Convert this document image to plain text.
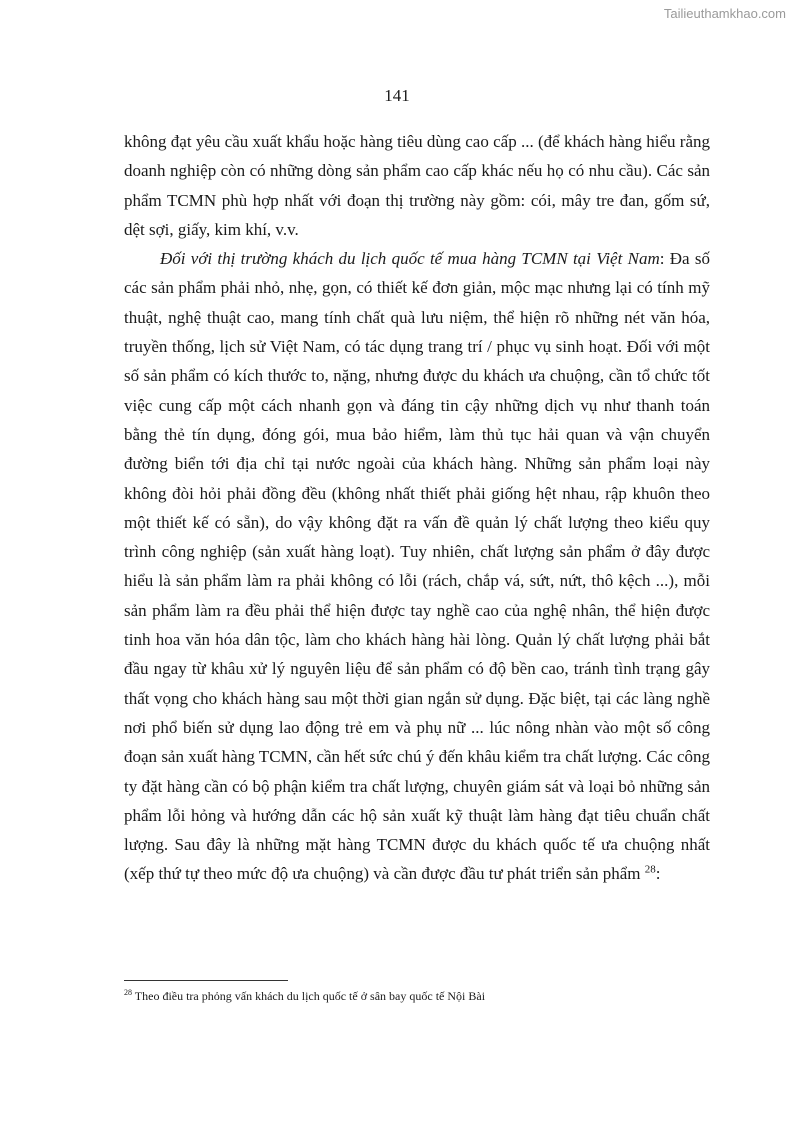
Tailieuthamkhao.com
141

không đạt yêu cầu xuất khẩu hoặc hàng tiêu dùng cao cấp ... (để khách hàng hiểu rằng doanh nghiệp còn có những dòng sản phẩm cao cấp khác nếu họ có nhu cầu). Các sản phẩm TCMN phù hợp nhất với đoạn thị trường này gồm: cói, mây tre đan, gốm sứ, dệt sợi, giấy, kim khí, v.v.

Đối với thị trường khách du lịch quốc tế mua hàng TCMN tại Việt Nam: Đa số các sản phẩm phải nhỏ, nhẹ, gọn, có thiết kế đơn giản, mộc mạc nhưng lại có tính mỹ thuật, nghệ thuật cao, mang tính chất quà lưu niệm, thể hiện rõ những nét văn hóa, truyền thống, lịch sử Việt Nam, có tác dụng trang trí / phục vụ sinh hoạt. Đối với một số sản phẩm có kích thước to, nặng, nhưng được du khách ưa chuộng, cần tổ chức tốt việc cung cấp một cách nhanh gọn và đáng tin cậy những dịch vụ như thanh toán bằng thẻ tín dụng, đóng gói, mua bảo hiểm, làm thủ tục hải quan và vận chuyển đường biển tới địa chỉ tại nước ngoài của khách hàng. Những sản phẩm loại này không đòi hỏi phải đồng đều (không nhất thiết phải giống hệt nhau, rập khuôn theo một thiết kế có sẵn), do vậy không đặt ra vấn đề quản lý chất lượng theo kiểu quy trình công nghiệp (sản xuất hàng loạt). Tuy nhiên, chất lượng sản phẩm ở đây được hiểu là sản phẩm làm ra phải không có lỗi (rách, chắp vá, sứt, nứt, thô kệch ...), mỗi sản phẩm làm ra đều phải thể hiện được tay nghề cao của nghệ nhân, thể hiện được tinh hoa văn hóa dân tộc, làm cho khách hàng hài lòng. Quản lý chất lượng phải bắt đầu ngay từ khâu xử lý nguyên liệu để sản phẩm có độ bền cao, tránh tình trạng gây thất vọng cho khách hàng sau một thời gian ngắn sử dụng. Đặc biệt, tại các làng nghề nơi phổ biến sử dụng lao động trẻ em và phụ nữ ... lúc nông nhàn vào một số công đoạn sản xuất hàng TCMN, cần hết sức chú ý đến khâu kiểm tra chất lượng. Các công ty đặt hàng cần có bộ phận kiểm tra chất lượng, chuyên giám sát và loại bỏ những sản phẩm lỗi hỏng và hướng dẫn các hộ sản xuất kỹ thuật làm hàng đạt tiêu chuẩn chất lượng. Sau đây là những mặt hàng TCMN được du khách quốc tế ưa chuộng nhất (xếp thứ tự theo mức độ ưa chuộng) và cần được đầu tư phát triển sản phẩm $^{28}$:

$^{28}$ Theo điều tra phỏng vấn khách du lịch quốc tế ở sân bay quốc tế Nội Bài
